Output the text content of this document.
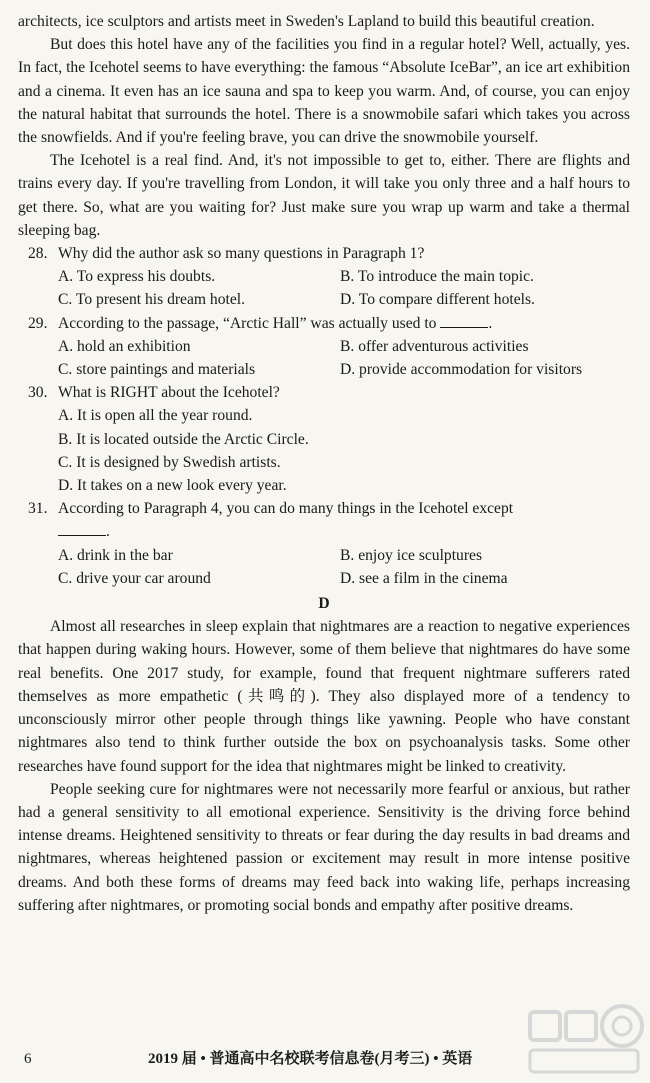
architects, ice sculptors and artists meet in Sweden's Lapland to build this beautiful creation.

But does this hotel have any of the facilities you find in a regular hotel? Well, actually, yes. In fact, the Icehotel seems to have everything: the famous “Absolute IceBar”, an ice art exhibition and a cinema. It even has an ice sauna and spa to keep you warm. And, of course, you can enjoy the natural habitat that surrounds the hotel. There is a snowmobile safari which takes you across the snowfields. And if you're feeling brave, you can drive the snowmobile yourself.

The Icehotel is a real find. And, it's not impossible to get to, either. There are flights and trains every day. If you're travelling from London, it will take you only three and a half hours to get there. So, what are you waiting for? Just make sure you wrap up warm and take a thermal sleeping bag.

28. Why did the author ask so many questions in Paragraph 1?
A. To express his doubts.	B. To introduce the main topic.
C. To present his dream hotel.	D. To compare different hotels.
29. According to the passage, “Arctic Hall” was actually used to	.
A. hold an exhibition	B. offer adventurous activities
C. store paintings and materials	D. provide accommodation for visitors
30. What is RIGHT about the Icehotel?
A. It is open all the year round.
B. It is located outside the Arctic Circle.
C. It is designed by Swedish artists.
D. It takes on a new look every year.
31. According to Paragraph 4, you can do many things in the Icehotel except
.
A. drink in the bar	B. enjoy ice sculptures
C. drive your car around	D. see a film in the cinema
D

Almost all researches in sleep explain that nightmares are a reaction to negative experiences that happen during waking hours. However, some of them believe that nightmares do have some real benefits. One 2017 study, for example, found that frequent nightmare sufferers rated themselves as more empathetic (共鸣的). They also displayed more of a tendency to unconsciously mirror other people through things like yawning. People who have constant nightmares also tend to think further outside the box on psychoanalysis tasks. Some other researches have found support for the idea that nightmares might be linked to creativity.

People seeking cure for nightmares were not necessarily more fearful or anxious, but rather had a general sensitivity to all emotional experience. Sensitivity is the driving force behind intense dreams. Heightened sensitivity to threats or fear during the day results in bad dreams and nightmares, whereas heightened passion or excitement may result in more intense positive dreams. And both these forms of dreams may feed back into waking life, perhaps increasing suffering after nightmares, or promoting social bonds and empathy after positive dreams.

6	2019 届 • 普通高中名校联考信息卷(月考三) • 英语
